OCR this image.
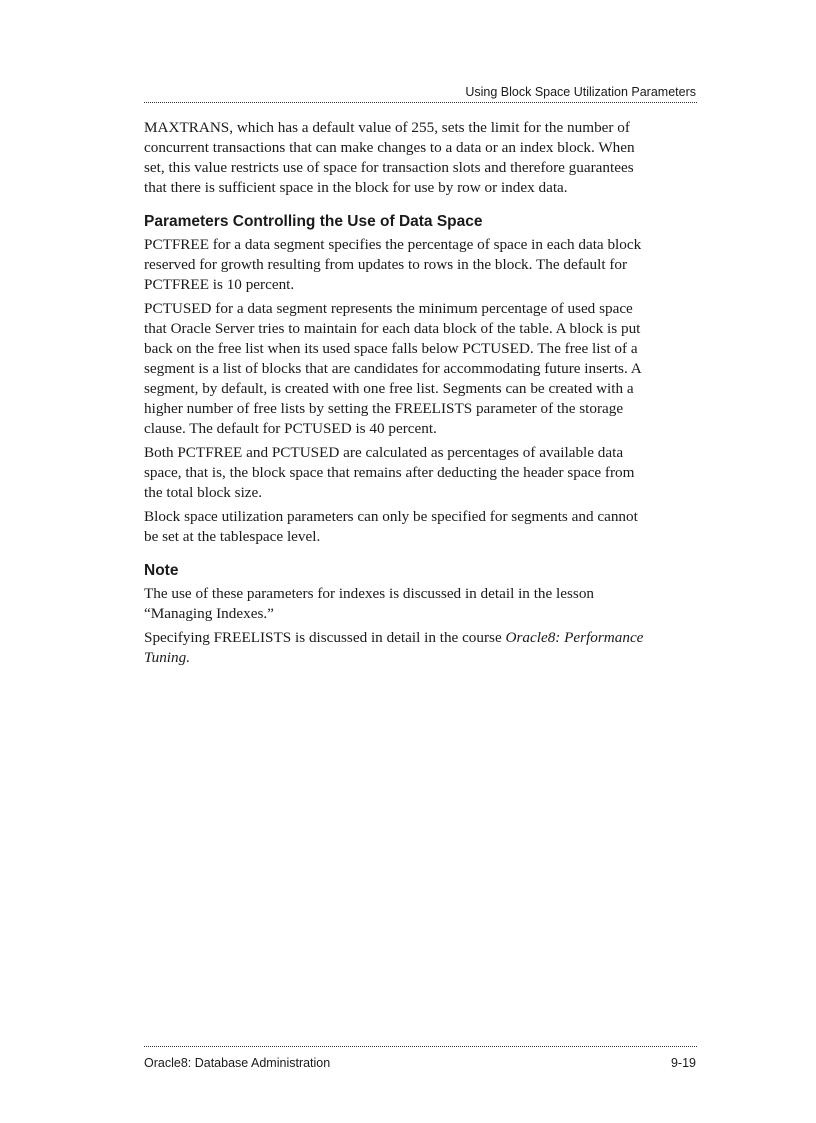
Using Block Space Utilization Parameters

MAXTRANS, which has a default value of 255, sets the limit for the number of concurrent transactions that can make changes to a data or an index block. When set, this value restricts use of space for transaction slots and therefore guarantees that there is sufficient space in the block for use by row or index data.

Parameters Controlling the Use of Data Space

PCTFREE for a data segment specifies the percentage of space in each data block reserved for growth resulting from updates to rows in the block. The default for PCTFREE is 10 percent.

PCTUSED for a data segment represents the minimum percentage of used space that Oracle Server tries to maintain for each data block of the table. A block is put back on the free list when its used space falls below PCTUSED. The free list of a segment is a list of blocks that are candidates for accommodating future inserts. A segment, by default, is created with one free list. Segments can be created with a higher number of free lists by setting the FREELISTS parameter of the storage clause. The default for PCTUSED is 40 percent.

Both PCTFREE and PCTUSED are calculated as percentages of available data space, that is, the block space that remains after deducting the header space from the total block size.

Block space utilization parameters can only be specified for segments and cannot be set at the tablespace level.

Note

The use of these parameters for indexes is discussed in detail in the lesson “Managing Indexes.”

Specifying FREELISTS is discussed in detail in the course Oracle8: Performance Tuning.

Oracle8: Database Administration	9-19
